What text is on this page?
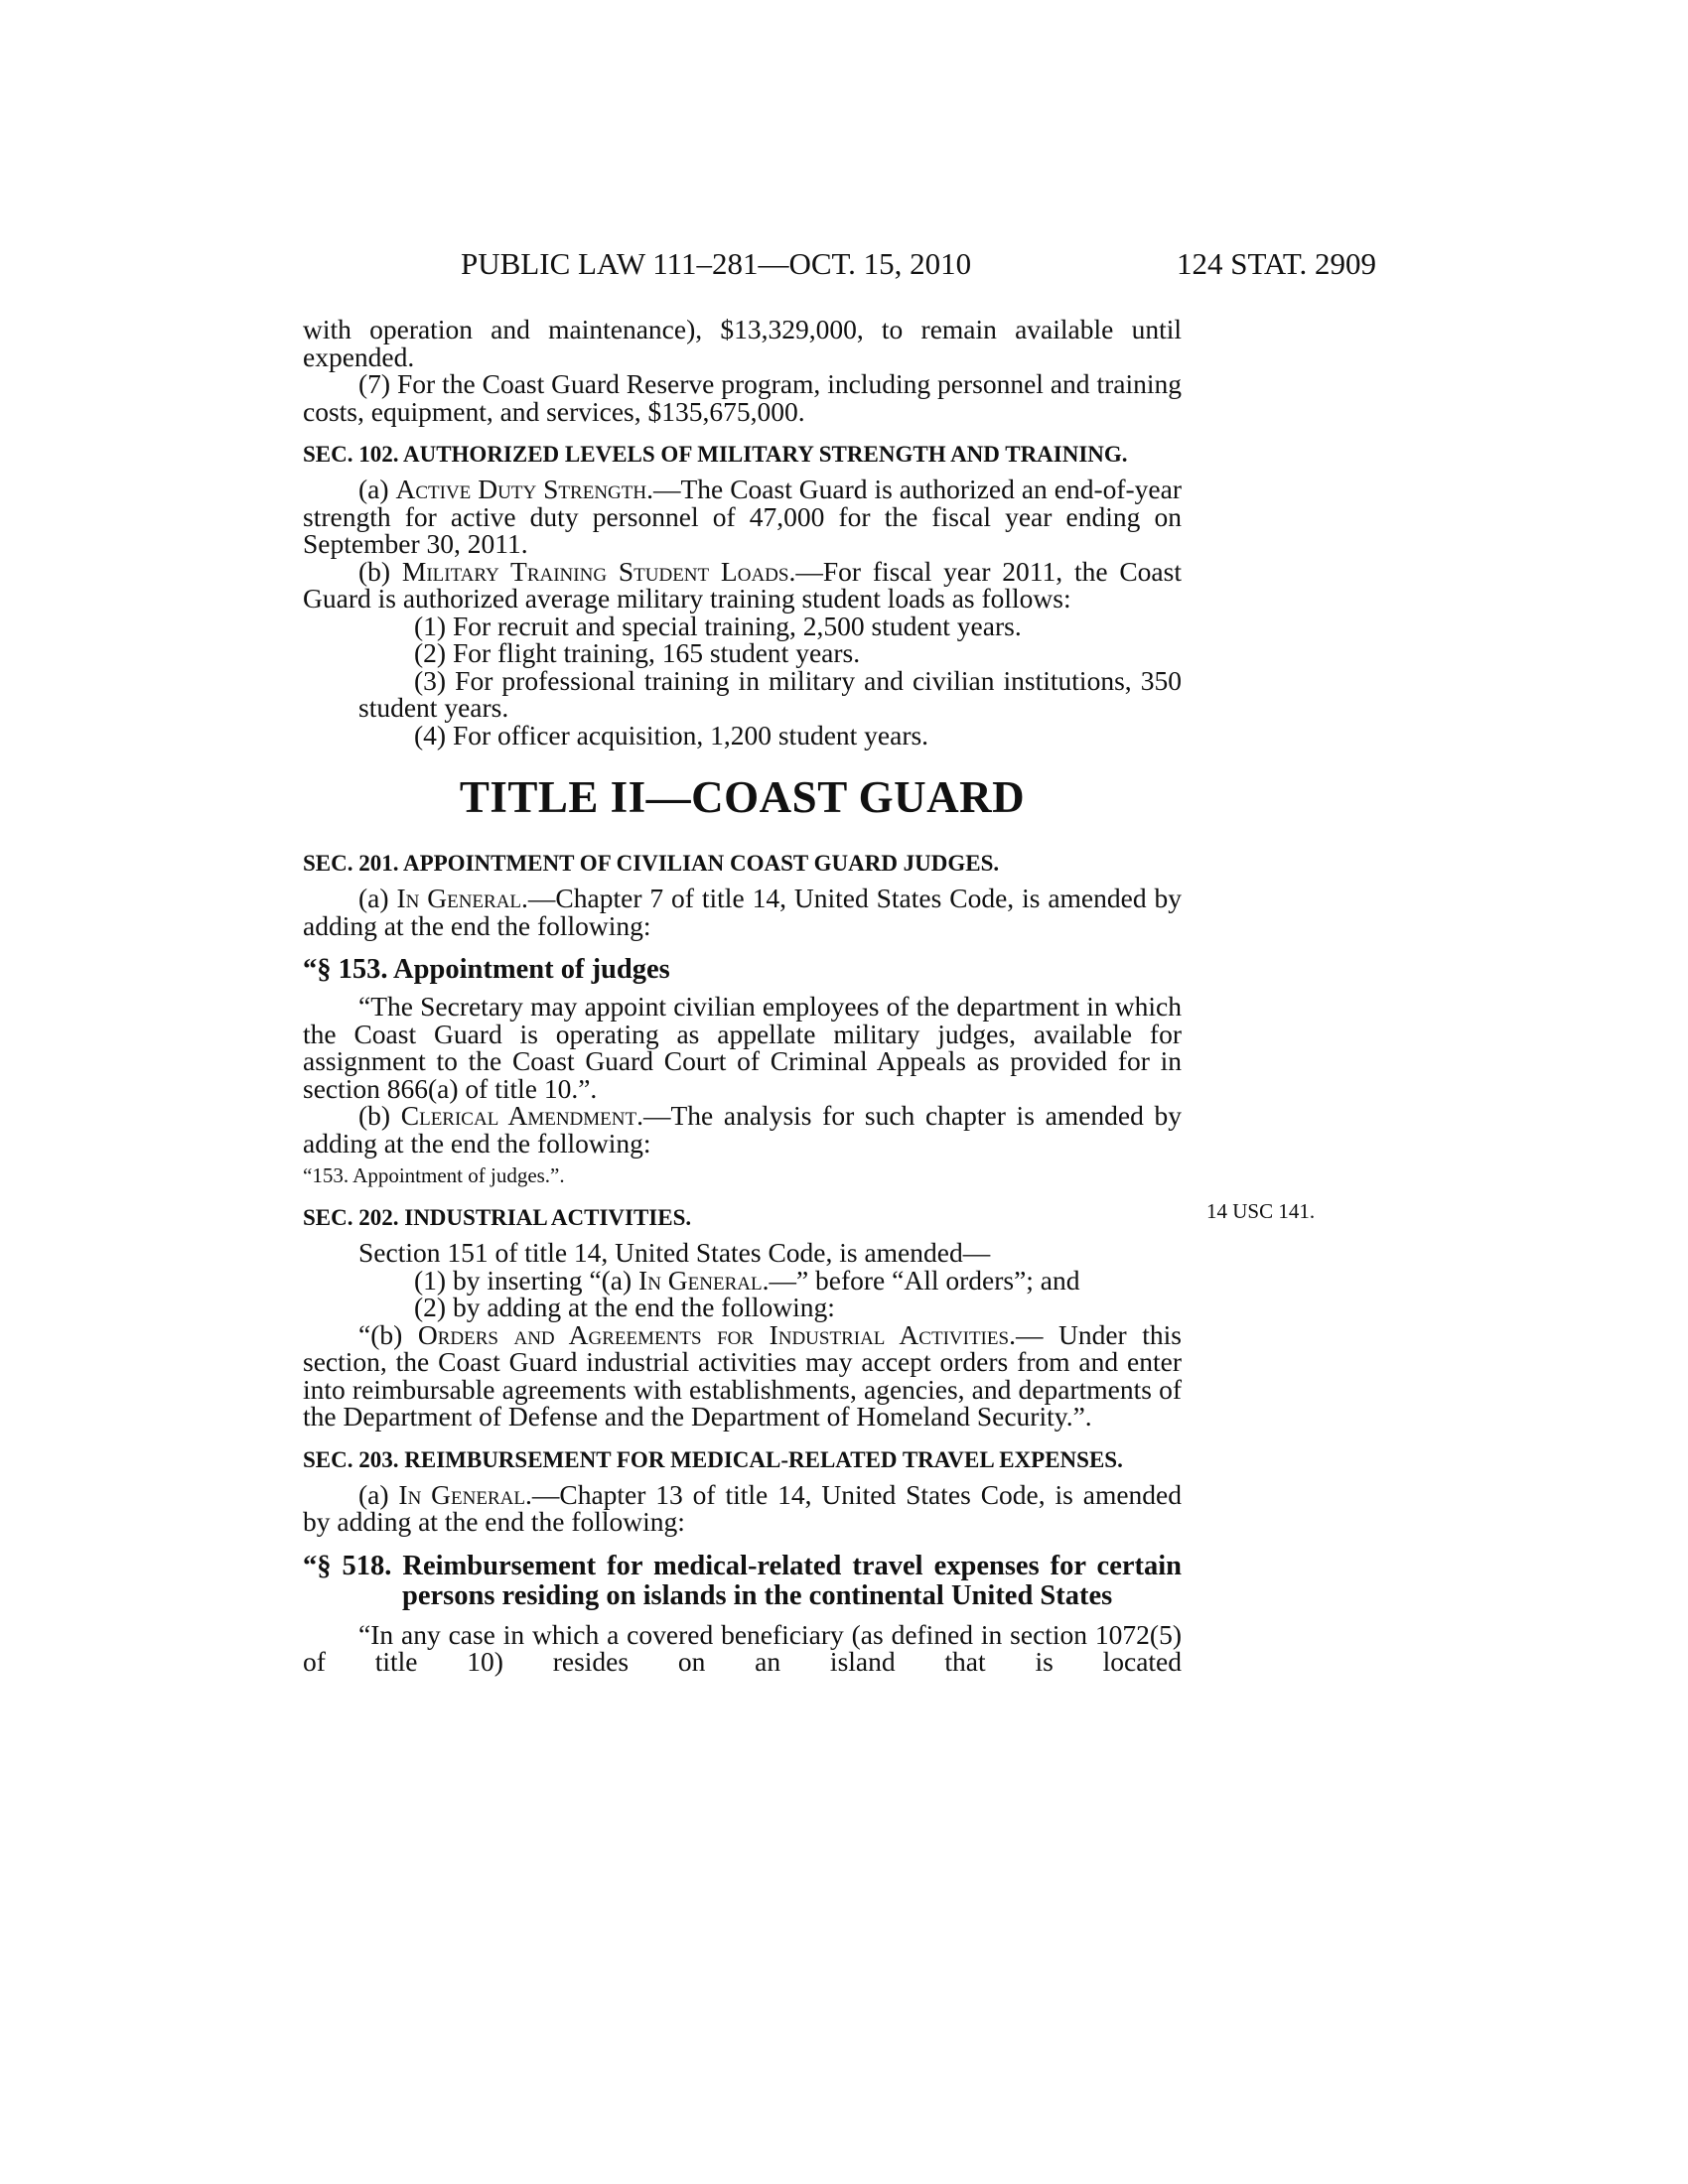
PUBLIC LAW 111–281—OCT. 15, 2010	124 STAT. 2909
14 USC 141.

with operation and maintenance), $13,329,000, to remain available until expended.

(7) For the Coast Guard Reserve program, including personnel and training costs, equipment, and services, $135,675,000.

SEC. 102. AUTHORIZED LEVELS OF MILITARY STRENGTH AND TRAINING.

(a) Active Duty Strength.—The Coast Guard is authorized an end-of-year strength for active duty personnel of 47,000 for the fiscal year ending on September 30, 2011.

(b) Military Training Student Loads.—For fiscal year 2011, the Coast Guard is authorized average military training student loads as follows:

(1) For recruit and special training, 2,500 student years.

(2) For flight training, 165 student years.

(3) For professional training in military and civilian institutions, 350 student years.

(4) For officer acquisition, 1,200 student years.

TITLE II—COAST GUARD

SEC. 201. APPOINTMENT OF CIVILIAN COAST GUARD JUDGES.

(a) In General.—Chapter 7 of title 14, United States Code, is amended by adding at the end the following:

“§ 153. Appointment of judges

“The Secretary may appoint civilian employees of the department in which the Coast Guard is operating as appellate military judges, available for assignment to the Coast Guard Court of Criminal Appeals as provided for in section 866(a) of title 10.”.

(b) Clerical Amendment.—The analysis for such chapter is amended by adding at the end the following:

“153. Appointment of judges.”.

SEC. 202. INDUSTRIAL ACTIVITIES.

Section 151 of title 14, United States Code, is amended—

(1) by inserting “(a) In General.—” before “All orders”; and

(2) by adding at the end the following:

“(b) Orders and Agreements for Industrial Activities.— Under this section, the Coast Guard industrial activities may accept orders from and enter into reimbursable agreements with establishments, agencies, and departments of the Department of Defense and the Department of Homeland Security.”.

SEC. 203. REIMBURSEMENT FOR MEDICAL-RELATED TRAVEL EXPENSES.

(a) In General.—Chapter 13 of title 14, United States Code, is amended by adding at the end the following:

“§ 518. Reimbursement for medical-related travel expenses for certain persons residing on islands in the continental United States

“In any case in which a covered beneficiary (as defined in section 1072(5) of title 10) resides on an island that is located
